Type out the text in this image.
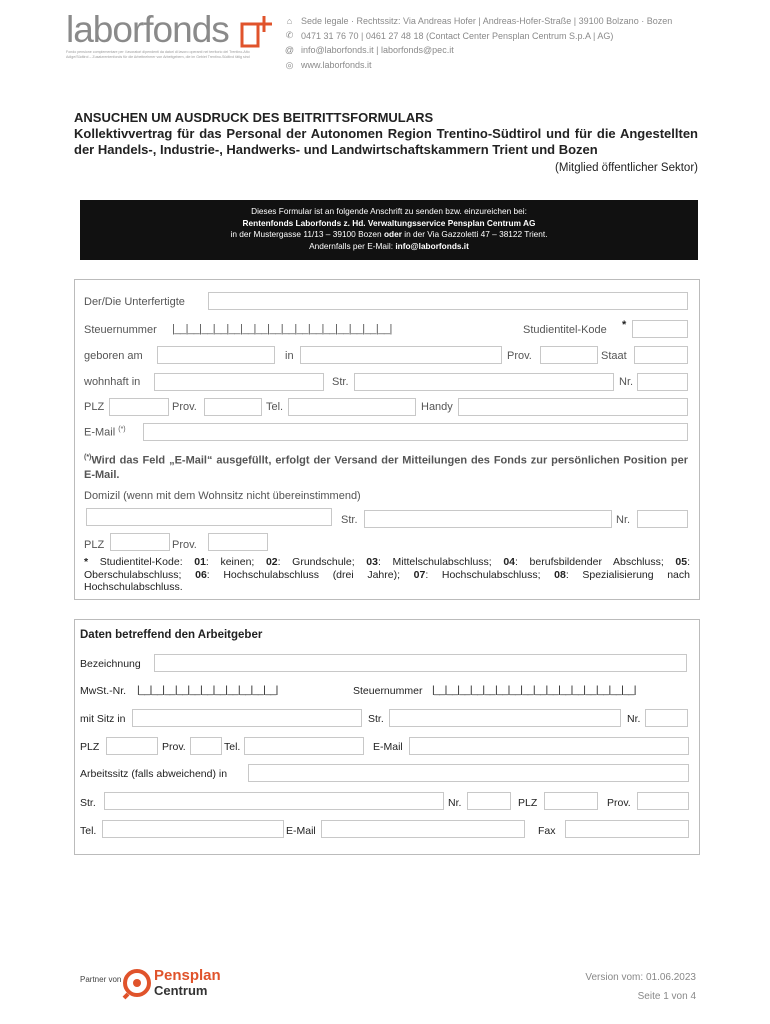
laborfonds
Fondo pensione complementare per i lavoratori dipendenti da datori di lavoro operanti nel territorio del Trentino-Alto Adige/Südtirol – Zusatzrentenfonds für die Arbeitnehmer von Arbeitgebern, die im Gebiet Trentino-Südtirol tätig sind
⌂ Sede legale · Rechtssitz: Via Andreas Hofer | Andreas-Hofer-Straße | 39100 Bolzano · Bozen
✆ 0471 31 76 70 | 0461 27 48 18 (Contact Center Pensplan Centrum S.p.A | AG)
@ info@laborfonds.it | laborfonds@pec.it
◎ www.laborfonds.it
ANSUCHEN UM AUSDRUCK DES BEITRITTSFORMULARS
Kollektivvertrag für das Personal der Autonomen Region Trentino-Südtirol und für die Angestellten der Handels-, Industrie-, Handwerks- und Landwirtschaftskammern Trient und Bozen
(Mitglied öffentlicher Sektor)
Dieses Formular ist an folgende Anschrift zu senden bzw. einzureichen bei:
Rentenfonds Laborfonds z. Hd. Verwaltungsservice Pensplan Centrum AG
in der Mustergasse 11/13 – 39100 Bozen oder in der Via Gazzoletti 47 – 38122 Trient.
Andernfalls per E-Mail: info@laborfonds.it
Der/Die Unterfertigte
Steuernummer |__|__|__|__|__|__|__|__|__|__|__|__|__|__|__|__|	Studientitel-Kode *
geboren am	in	Prov.	Staat
wohnhaft in	Str.	Nr.
PLZ	Prov.	Tel.	Handy
E-Mail (*)
(*)Wird das Feld „E-Mail“ ausgefüllt, erfolgt der Versand der Mitteilungen des Fonds zur persönlichen Position per E-Mail.
Domizil (wenn mit dem Wohnsitz nicht übereinstimmend)
Str.	Nr.
PLZ	Prov.
* Studientitel-Kode: 01: keinen; 02: Grundschule; 03: Mittelschulabschluss; 04: berufsbildender Abschluss; 05: Oberschulabschluss; 06: Hochschulabschluss (drei Jahre); 07: Hochschulabschluss; 08: Spezialisierung nach Hochschulabschluss.
Daten betreffend den Arbeitgeber
Bezeichnung
MwSt.-Nr. |__|__|__|__|__|__|__|__|__|__|__|	Steuernummer |__|__|__|__|__|__|__|__|__|__|__|__|__|__|__|__|
mit Sitz in	Str.	Nr.
PLZ	Prov.	Tel.	E-Mail
Arbeitssitz (falls abweichend) in
Str.	Nr.	PLZ	Prov.
Tel.	E-Mail	Fax
Partner von Pensplan
Centrum
Version vom: 01.06.2023
Seite 1 von 4
